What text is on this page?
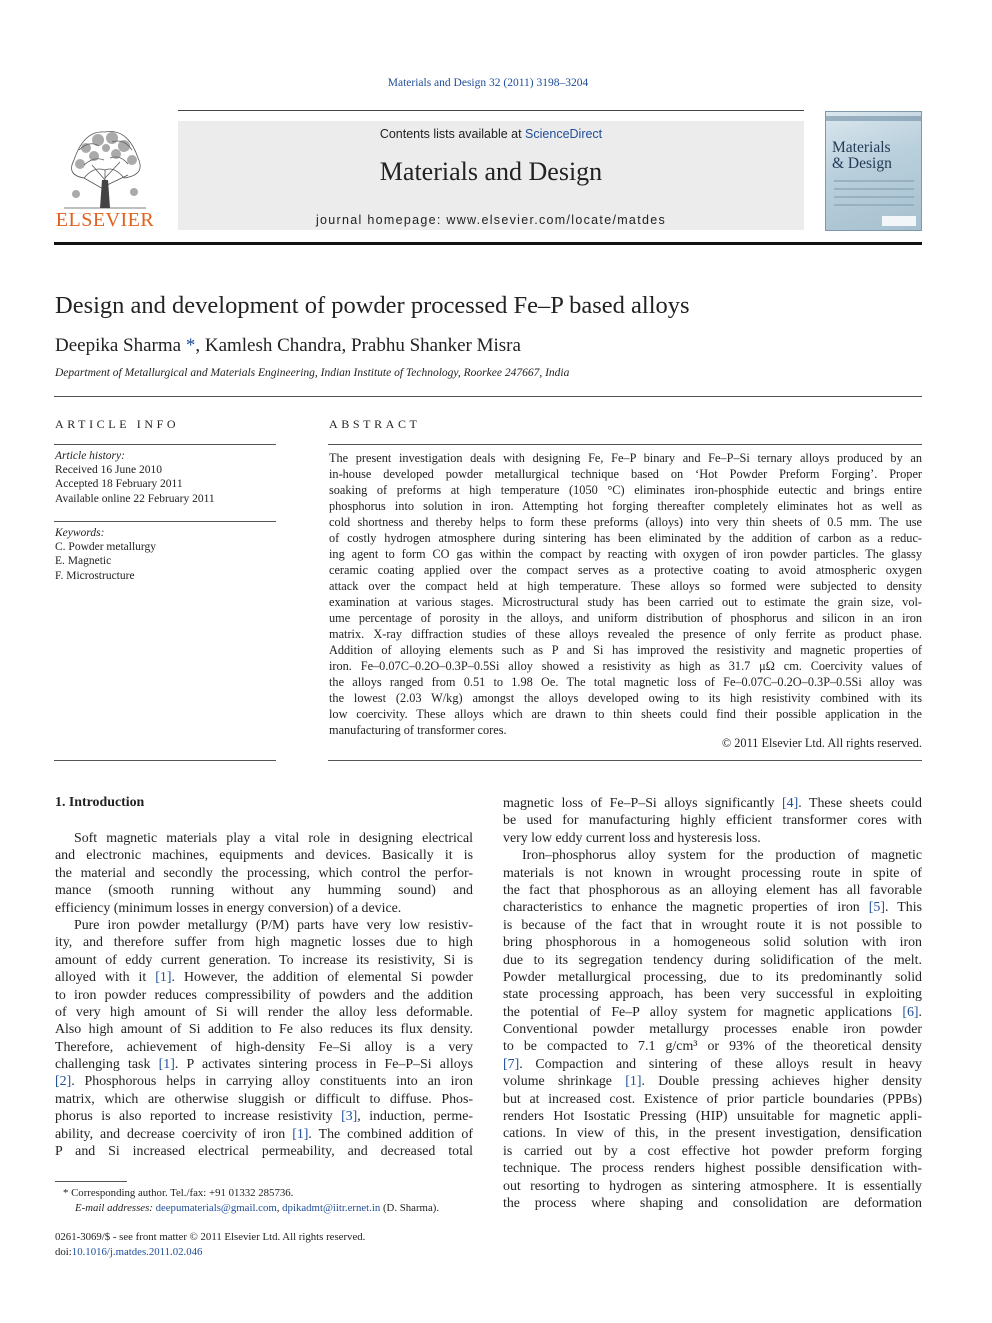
Materials and Design 32 (2011) 3198–3204
ELSEVIER
Contents lists available at ScienceDirect
Materials and Design
journal homepage: www.elsevier.com/locate/matdes
Materials
& Design
Design and development of powder processed Fe–P based alloys
Deepika Sharma *, Kamlesh Chandra, Prabhu Shanker Misra
Department of Metallurgical and Materials Engineering, Indian Institute of Technology, Roorkee 247667, India
ARTICLE INFO
Article history:
Received 16 June 2010
Accepted 18 February 2011
Available online 22 February 2011
Keywords:
C. Powder metallurgy
E. Magnetic
F. Microstructure
ABSTRACT
The present investigation deals with designing Fe, Fe–P binary and Fe–P–Si ternary alloys produced by an
in-house developed powder metallurgical technique based on ‘Hot Powder Preform Forging’. Proper
soaking of preforms at high temperature (1050 °C) eliminates iron-phosphide eutectic and brings entire
phosphorus into solution in iron. Attempting hot forging thereafter completely eliminates hot as well as
cold shortness and thereby helps to form these preforms (alloys) into very thin sheets of 0.5 mm. The use
of costly hydrogen atmosphere during sintering has been eliminated by the addition of carbon as a reduc-
ing agent to form CO gas within the compact by reacting with oxygen of iron powder particles. The glassy
ceramic coating applied over the compact serves as a protective coating to avoid atmospheric oxygen
attack over the compact held at high temperature. These alloys so formed were subjected to density
examination at various stages. Microstructural study has been carried out to estimate the grain size, vol-
ume percentage of porosity in the alloys, and uniform distribution of phosphorus and silicon in an iron
matrix. X-ray diffraction studies of these alloys revealed the presence of only ferrite as product phase.
Addition of alloying elements such as P and Si has improved the resistivity and magnetic properties of
iron. Fe–0.07C–0.2O–0.3P–0.5Si alloy showed a resistivity as high as 31.7 μΩ cm. Coercivity values of
the alloys ranged from 0.51 to 1.98 Oe. The total magnetic loss of Fe–0.07C–0.2O–0.3P–0.5Si alloy was
the lowest (2.03 W/kg) amongst the alloys developed owing to its high resistivity combined with its
low coercivity. These alloys which are drawn to thin sheets could find their possible application in the
manufacturing of transformer cores.
© 2011 Elsevier Ltd. All rights reserved.
1. Introduction
Soft magnetic materials play a vital role in designing electrical
and electronic machines, equipments and devices. Basically it is
the material and secondly the processing, which control the perfor-
mance (smooth running without any humming sound) and
efficiency (minimum losses in energy conversion) of a device.
Pure iron powder metallurgy (P/M) parts have very low resistiv-
ity, and therefore suffer from high magnetic losses due to high
amount of eddy current generation. To increase its resistivity, Si is
alloyed with it [1]. However, the addition of elemental Si powder
to iron powder reduces compressibility of powders and the addition
of very high amount of Si will render the alloy less deformable.
Also high amount of Si addition to Fe also reduces its flux density.
Therefore, achievement of high-density Fe–Si alloy is a very
challenging task [1]. P activates sintering process in Fe–P–Si alloys
[2]. Phosphorous helps in carrying alloy constituents into an iron
matrix, which are otherwise sluggish or difficult to diffuse. Phos-
phorus is also reported to increase resistivity [3], induction, perme-
ability, and decrease coercivity of iron [1]. The combined addition of
P and Si increased electrical permeability, and decreased total
magnetic loss of Fe–P–Si alloys significantly [4]. These sheets could
be used for manufacturing highly efficient transformer cores with
very low eddy current loss and hysteresis loss.
Iron–phosphorus alloy system for the production of magnetic
materials is not known in wrought processing route in spite of
the fact that phosphorous as an alloying element has all favorable
characteristics to enhance the magnetic properties of iron [5]. This
is because of the fact that in wrought route it is not possible to
bring phosphorous in a homogeneous solid solution with iron
due to its segregation tendency during solidification of the melt.
Powder metallurgical processing, due to its predominantly solid
state processing approach, has been very successful in exploiting
the potential of Fe–P alloy system for magnetic applications [6].
Conventional powder metallurgy processes enable iron powder
to be compacted to 7.1 g/cm³ or 93% of the theoretical density
[7]. Compaction and sintering of these alloys result in heavy
volume shrinkage [1]. Double pressing achieves higher density
but at increased cost. Existence of prior particle boundaries (PPBs)
renders Hot Isostatic Pressing (HIP) unsuitable for magnetic appli-
cations. In view of this, in the present investigation, densification
is carried out by a cost effective hot powder preform forging
technique. The process renders highest possible densification with-
out resorting to hydrogen as sintering atmosphere. It is essentially
the process where shaping and consolidation are deformation
* Corresponding author. Tel./fax: +91 01332 285736.
E-mail addresses: deepumaterials@gmail.com, dpikadmt@iitr.ernet.in (D. Sharma).
0261-3069/$ - see front matter © 2011 Elsevier Ltd. All rights reserved.
doi:10.1016/j.matdes.2011.02.046
